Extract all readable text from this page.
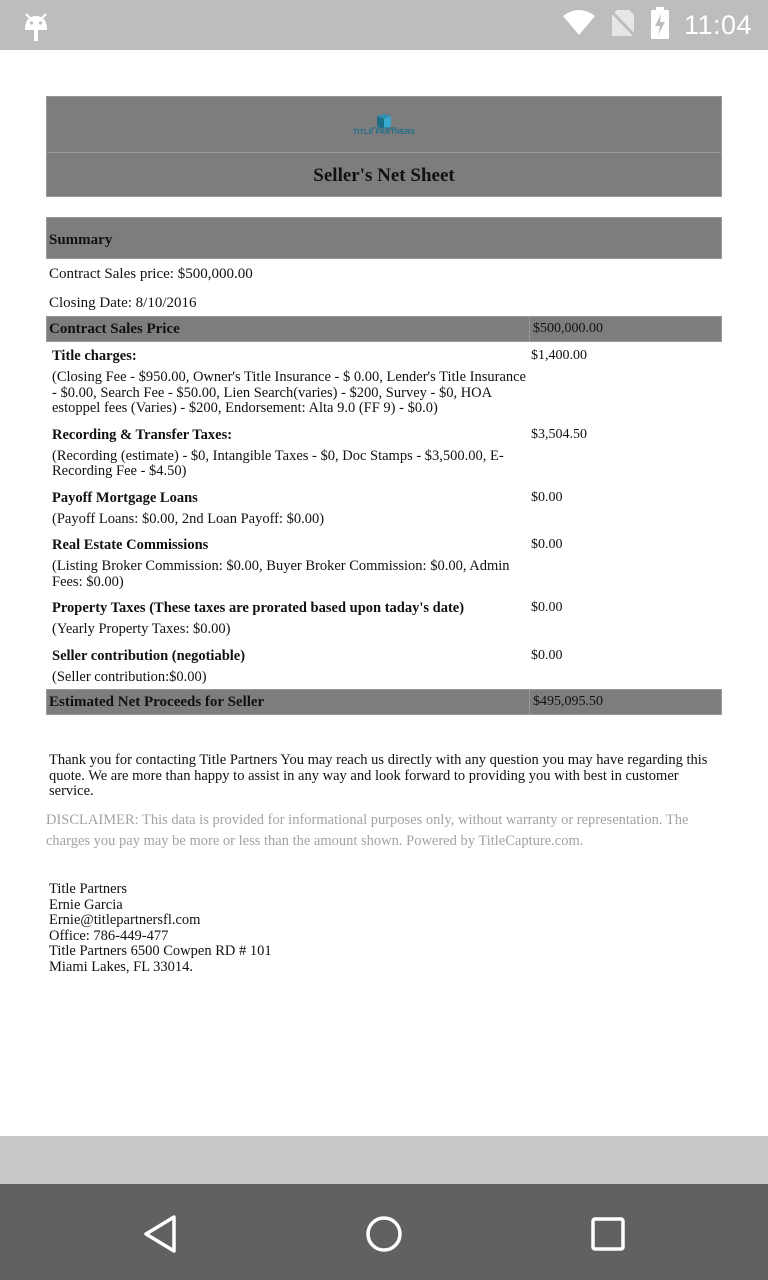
11:04
TITLE PARTNERS
Seller's Net Sheet
Summary
Contract Sales price: $500,000.00
Closing Date: 8/10/2016
Contract Sales Price	$500,000.00
Title charges:
(Closing Fee - $950.00, Owner's Title Insurance - $ 0.00, Lender's Title Insurance - $0.00, Search Fee - $50.00, Lien Search(varies) - $200, Survey - $0, HOA estoppel fees (Varies) - $200, Endorsement: Alta 9.0 (FF 9) - $0.0)
$1,400.00
Recording & Transfer Taxes:
(Recording (estimate) - $0, Intangible Taxes - $0, Doc Stamps - $3,500.00, E-Recording Fee - $4.50)
$3,504.50
Payoff Mortgage Loans
(Payoff Loans: $0.00, 2nd Loan Payoff: $0.00)
$0.00
Real Estate Commissions
(Listing Broker Commission: $0.00, Buyer Broker Commission: $0.00, Admin Fees: $0.00)
$0.00
Property Taxes (These taxes are prorated based upon taday's date)
(Yearly Property Taxes: $0.00)
$0.00
Seller contribution (negotiable)
(Seller contribution:$0.00)
$0.00
Estimated Net Proceeds for Seller	$495,095.50
Thank you for contacting Title Partners You may reach us directly with any question you may have regarding this quote. We are more than happy to assist in any way and look forward to providing you with best in customer service.
DISCLAIMER: This data is provided for informational purposes only, without warranty or representation. The charges you pay may be more or less than the amount shown. Powered by TitleCapture.com.
Title Partners
Ernie Garcia
Ernie@titlepartnersfl.com
Office: 786-449-477
Title Partners 6500 Cowpen RD # 101
Miami Lakes, FL 33014.
